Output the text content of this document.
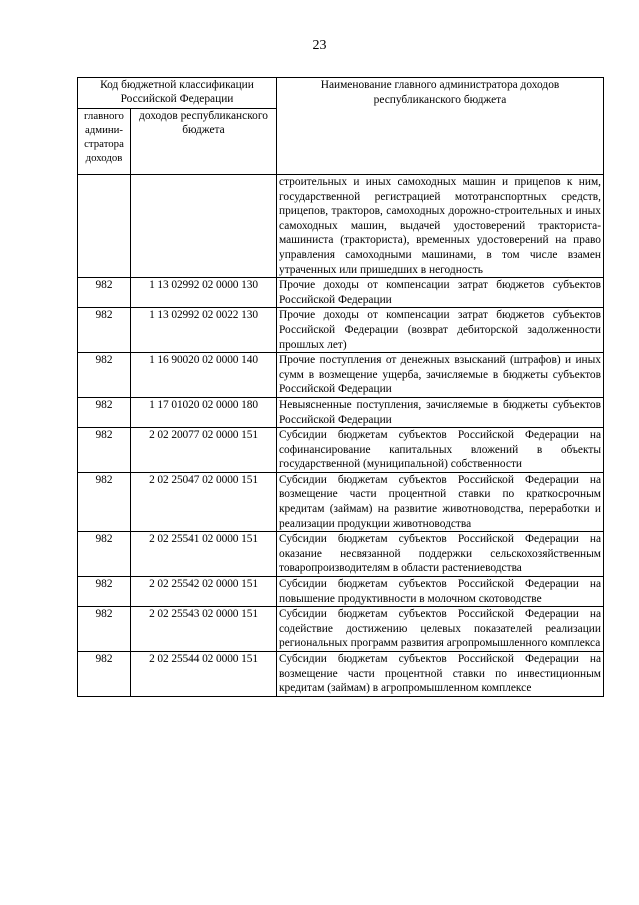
23
Код бюджетной классификации Российской Федерации		Наименование главного администратора доходов республиканского бюджета
главного админи-стратора доходов	доходов республиканского бюджета	
		строительных и иных самоходных машин и прицепов к ним, государственной регистрацией мототранспортных средств, прицепов, тракторов, самоходных дорожно-строительных и иных самоходных машин, выдачей удостоверений тракториста-машиниста (тракториста), временных удостоверений на право управления самоходными машинами, в том числе взамен утраченных или пришедших в негодность
982	1 13 02992 02 0000 130	Прочие доходы от компенсации затрат бюджетов субъектов Российской Федерации
982	1 13 02992 02 0022 130	Прочие доходы от компенсации затрат бюджетов субъектов Российской Федерации (возврат дебиторской задолженности прошлых лет)
982	1 16 90020 02 0000 140	Прочие поступления от денежных взысканий (штрафов) и иных сумм в возмещение ущерба, зачисляемые в бюджеты субъектов Российской Федерации
982	1 17 01020 02 0000 180	Невыясненные поступления, зачисляемые в бюджеты субъектов Российской Федерации
982	2 02 20077 02 0000 151	Субсидии бюджетам субъектов Российской Федерации на софинансирование капитальных вложений в объекты государственной (муниципальной) собственности
982	2 02 25047 02 0000 151	Субсидии бюджетам субъектов Российской Федерации на возмещение части процентной ставки по краткосрочным кредитам (займам) на развитие животноводства, переработки и реализации продукции животноводства
982	2 02 25541 02 0000 151	Субсидии бюджетам субъектов Российской Федерации на оказание несвязанной поддержки сельскохозяйственным товаропроизводителям в области растениеводства
982	2 02 25542 02 0000 151	Субсидии бюджетам субъектов Российской Федерации на повышение продуктивности в молочном скотоводстве
982	2 02 25543 02 0000 151	Субсидии бюджетам субъектов Российской Федерации на содействие достижению целевых показателей реализации региональных программ развития агропромышленного комплекса
982	2 02 25544 02 0000 151	Субсидии бюджетам субъектов Российской Федерации на возмещение части процентной ставки по инвестиционным кредитам (займам) в агропромышленном комплексе
